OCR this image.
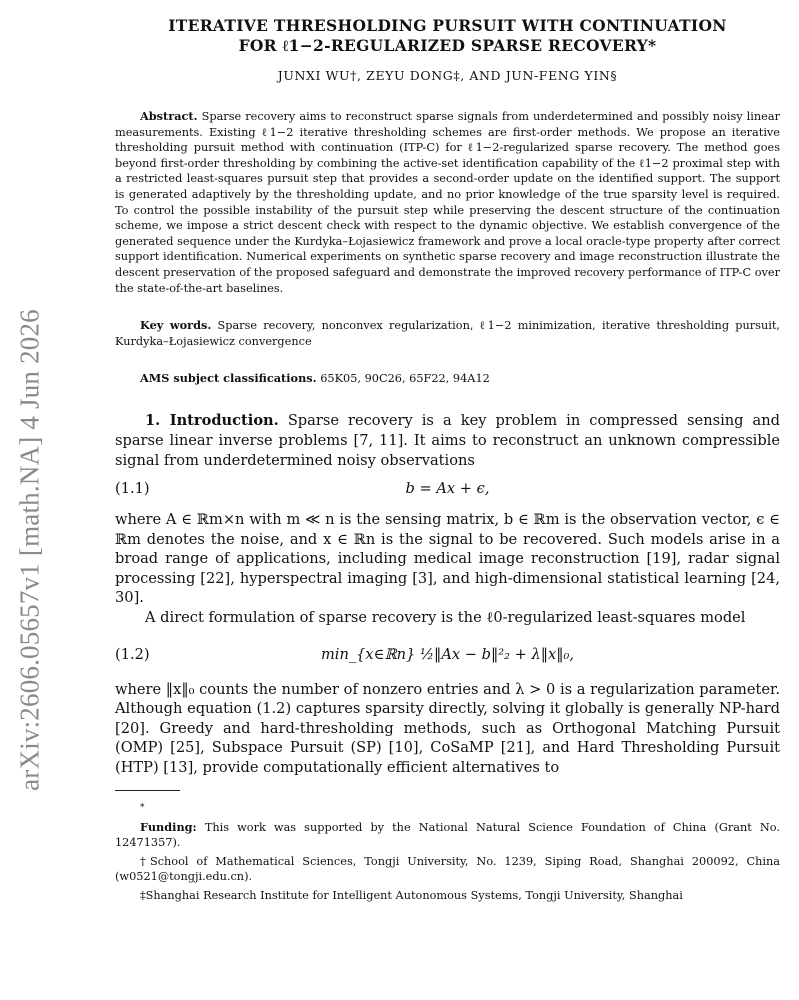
arXiv:2606.05657v1 [math.NA] 4 Jun 2026
ITERATIVE THRESHOLDING PURSUIT WITH CONTINUATION
FOR ℓ1−2-REGULARIZED SPARSE RECOVERY*
JUNXI WU†, ZEYU DONG‡, AND JUN-FENG YIN§

Abstract. Sparse recovery aims to reconstruct sparse signals from underdetermined and possibly noisy linear measurements. Existing ℓ1−2 iterative thresholding schemes are first-order methods. We propose an iterative thresholding pursuit method with continuation (ITP-C) for ℓ1−2-regularized sparse recovery. The method goes beyond first-order thresholding by combining the active-set identification capability of the ℓ1−2 proximal step with a restricted least-squares pursuit step that provides a second-order update on the identified support. The support is generated adaptively by the thresholding update, and no prior knowledge of the true sparsity level is required. To control the possible instability of the pursuit step while preserving the descent structure of the continuation scheme, we impose a strict descent check with respect to the dynamic objective. We establish convergence of the generated sequence under the Kurdyka–Łojasiewicz framework and prove a local oracle-type property after correct support identification. Numerical experiments on synthetic sparse recovery and image reconstruction illustrate the descent preservation of the proposed safeguard and demonstrate the improved recovery performance of ITP-C over the state-of-the-art baselines.

Key words. Sparse recovery, nonconvex regularization, ℓ1−2 minimization, iterative thresholding pursuit, Kurdyka–Łojasiewicz convergence

AMS subject classifications. 65K05, 90C26, 65F22, 94A12

1. Introduction. Sparse recovery is a key problem in compressed sensing and sparse linear inverse problems [7, 11]. It aims to reconstruct an unknown compressible signal from underdetermined noisy observations

(1.1)	b = Ax + ϵ,

where A ∈ ℝm×n with m ≪ n is the sensing matrix, b ∈ ℝm is the observation vector, ϵ ∈ ℝm denotes the noise, and x ∈ ℝn is the signal to be recovered. Such models arise in a broad range of applications, including medical image reconstruction [19], radar signal processing [22], hyperspectral imaging [3], and high-dimensional statistical learning [24, 30].

A direct formulation of sparse recovery is the ℓ0-regularized least-squares model

(1.2)	min_{x∈ℝn} ½‖Ax − b‖²₂ + λ‖x‖₀,

where ‖x‖₀ counts the number of nonzero entries and λ > 0 is a regularization parameter. Although equation (1.2) captures sparsity directly, solving it globally is generally NP-hard [20]. Greedy and hard-thresholding methods, such as Orthogonal Matching Pursuit (OMP) [25], Subspace Pursuit (SP) [10], CoSaMP [21], and Hard Thresholding Pursuit (HTP) [13], provide computationally efficient alternatives to

*

Funding: This work was supported by the National Natural Science Foundation of China (Grant No. 12471357).

†School of Mathematical Sciences, Tongji University, No. 1239, Siping Road, Shanghai 200092, China (w0521@tongji.edu.cn).

‡Shanghai Research Institute for Intelligent Autonomous Systems, Tongji University, Shanghai
